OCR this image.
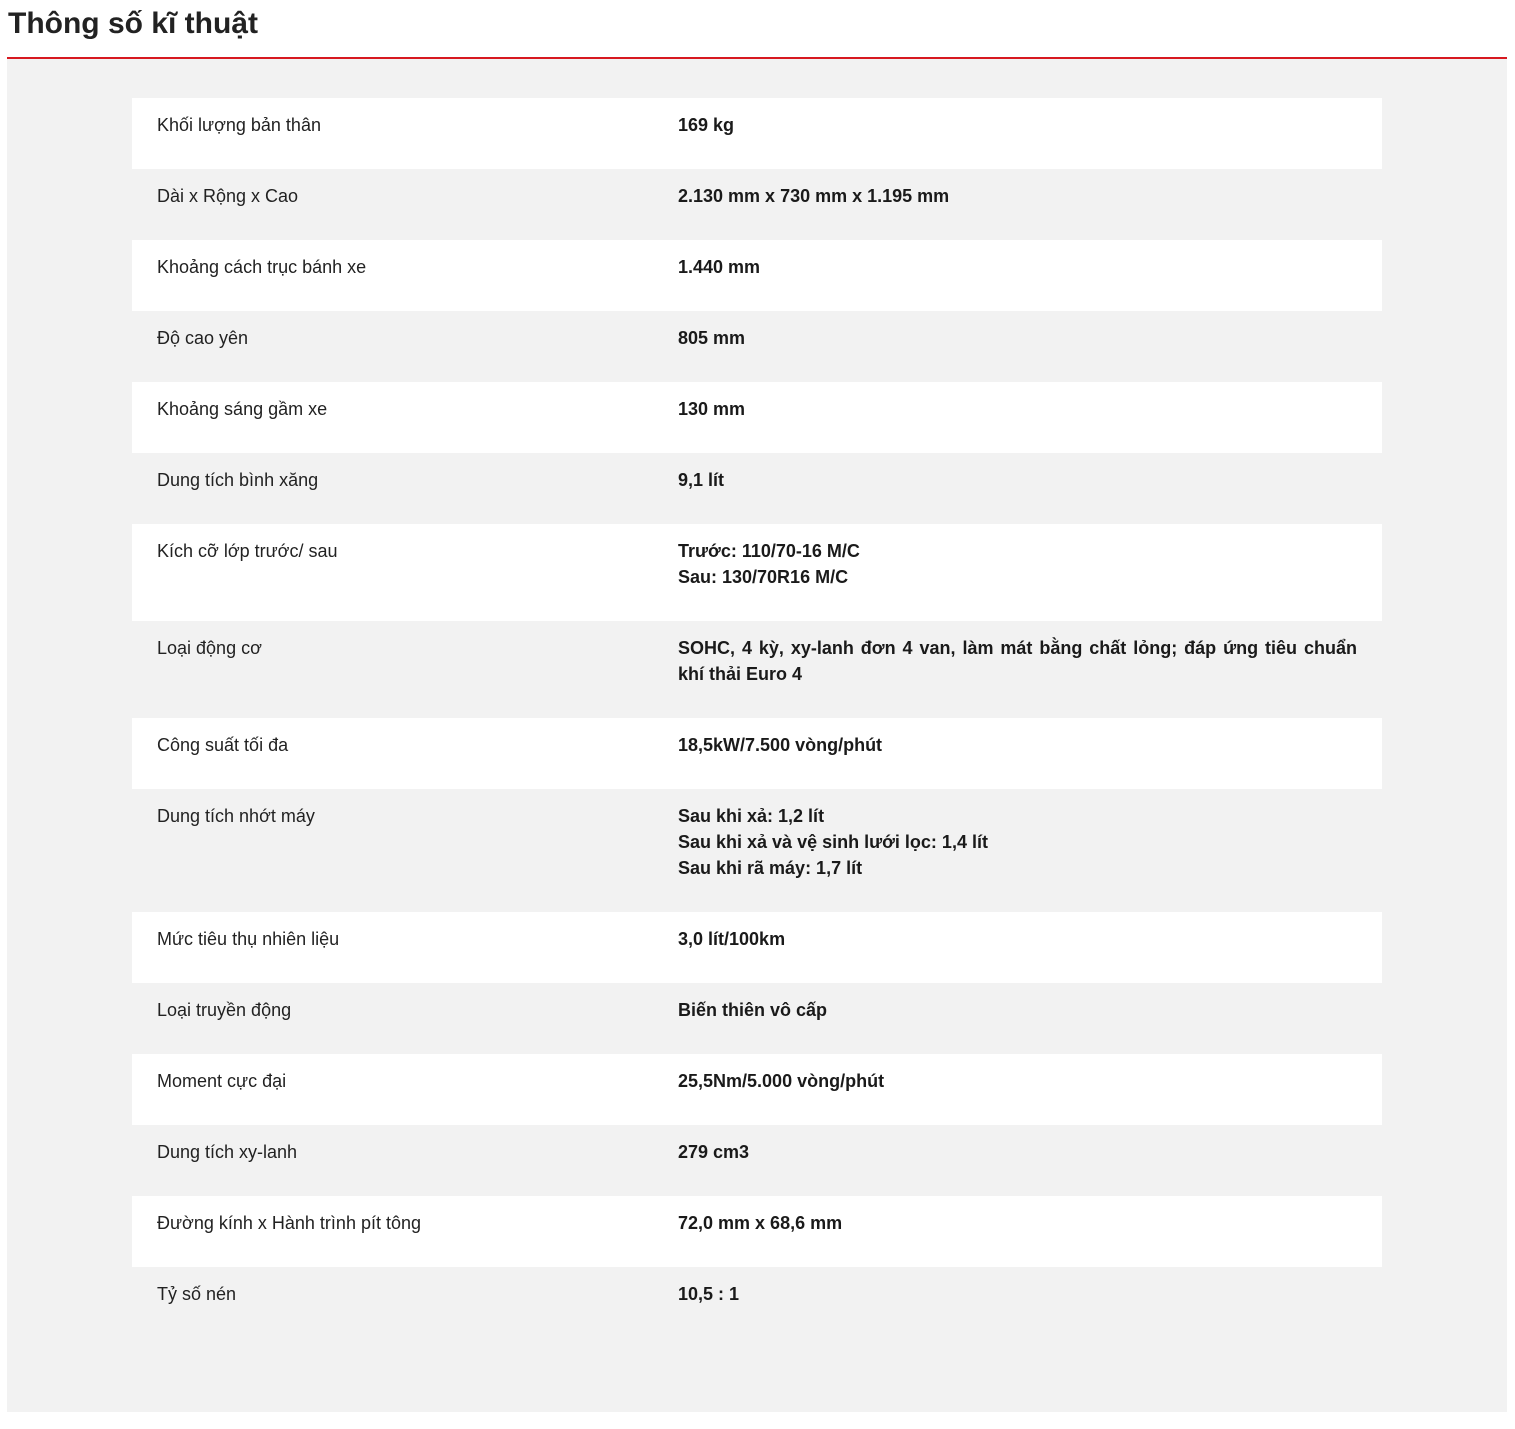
Thông số kĩ thuật
Khối lượng bản thân	169 kg
Dài x Rộng x Cao	2.130 mm x 730 mm x 1.195 mm
Khoảng cách trục bánh xe	1.440 mm
Độ cao yên	805 mm
Khoảng sáng gầm xe	130 mm
Dung tích bình xăng	9,1 lít
Kích cỡ lớp trước/ sau	Trước: 110/70-16 M/C
Sau: 130/70R16 M/C
Loại động cơ	SOHC, 4 kỳ, xy-lanh đơn 4 van, làm mát bằng chất lỏng; đáp ứng tiêu chuẩn khí thải Euro 4
Công suất tối đa	18,5kW/7.500 vòng/phút
Dung tích nhớt máy	Sau khi xả: 1,2 lít
Sau khi xả và vệ sinh lưới lọc: 1,4 lít
Sau khi rã máy: 1,7 lít
Mức tiêu thụ nhiên liệu	3,0 lít/100km
Loại truyền động	Biến thiên vô cấp
Moment cực đại	25,5Nm/5.000 vòng/phút
Dung tích xy-lanh	279 cm3
Đường kính x Hành trình pít tông	72,0 mm x 68,6 mm
Tỷ số nén	10,5 : 1
